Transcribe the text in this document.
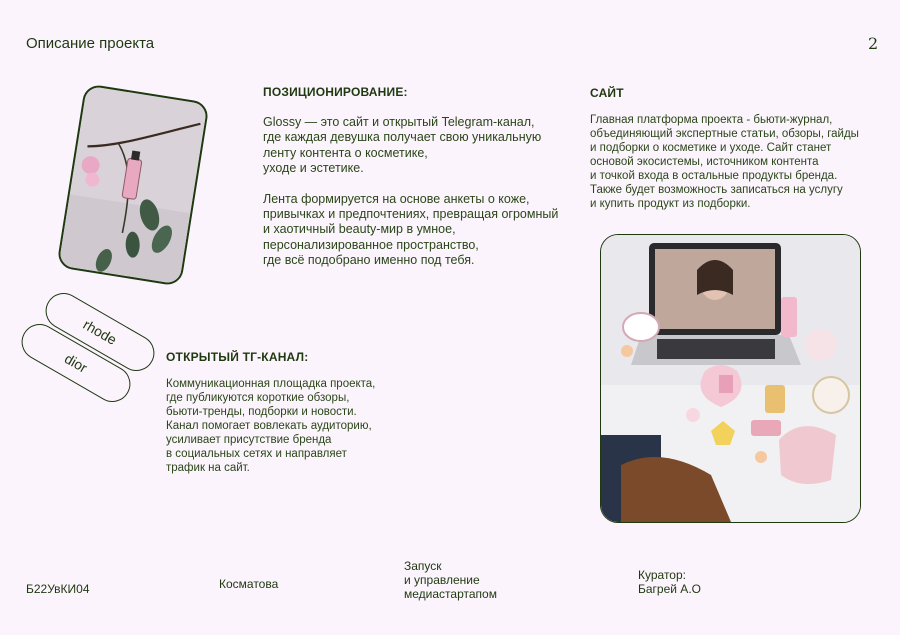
Описание проекта	2
rhode
dior
ПОЗИЦИОНИРОВАНИЕ:

Glossy — это сайт и открытый Telegram-канал,
где каждая девушка получает свою уникальную
ленту контента о косметике,
уходе и эстетике.

Лента формируется на основе анкеты о коже,
привычках и предпочтениях, превращая огромный
и хаотичный beauty-мир в умное,
персонализированное пространство,
где всё подобрано именно под тебя.

САЙТ
Главная платформа проекта - бьюти-журнал,
объединяющий экспертные статьи, обзоры, гайды
и подборки о косметике и уходе. Сайт станет
основой экосистемы, источником контента
и точкой входа в остальные продукты бренда.
Также будет возможность записаться на услугу
и купить продукт из подборки.
ОТКРЫТЫЙ ТГ-КАНАЛ:
Коммуникационная площадка проекта,
где публикуются короткие обзоры,
бьюти-тренды, подборки и новости.
Канал помогает вовлекать аудиторию,
усиливает присутствие бренда
в социальных сетях и направляет
трафик на сайт.
Б22УвКИ04	Косматова
Запуск
и управление
медиастартапом
Куратор:
Багрей А.О
